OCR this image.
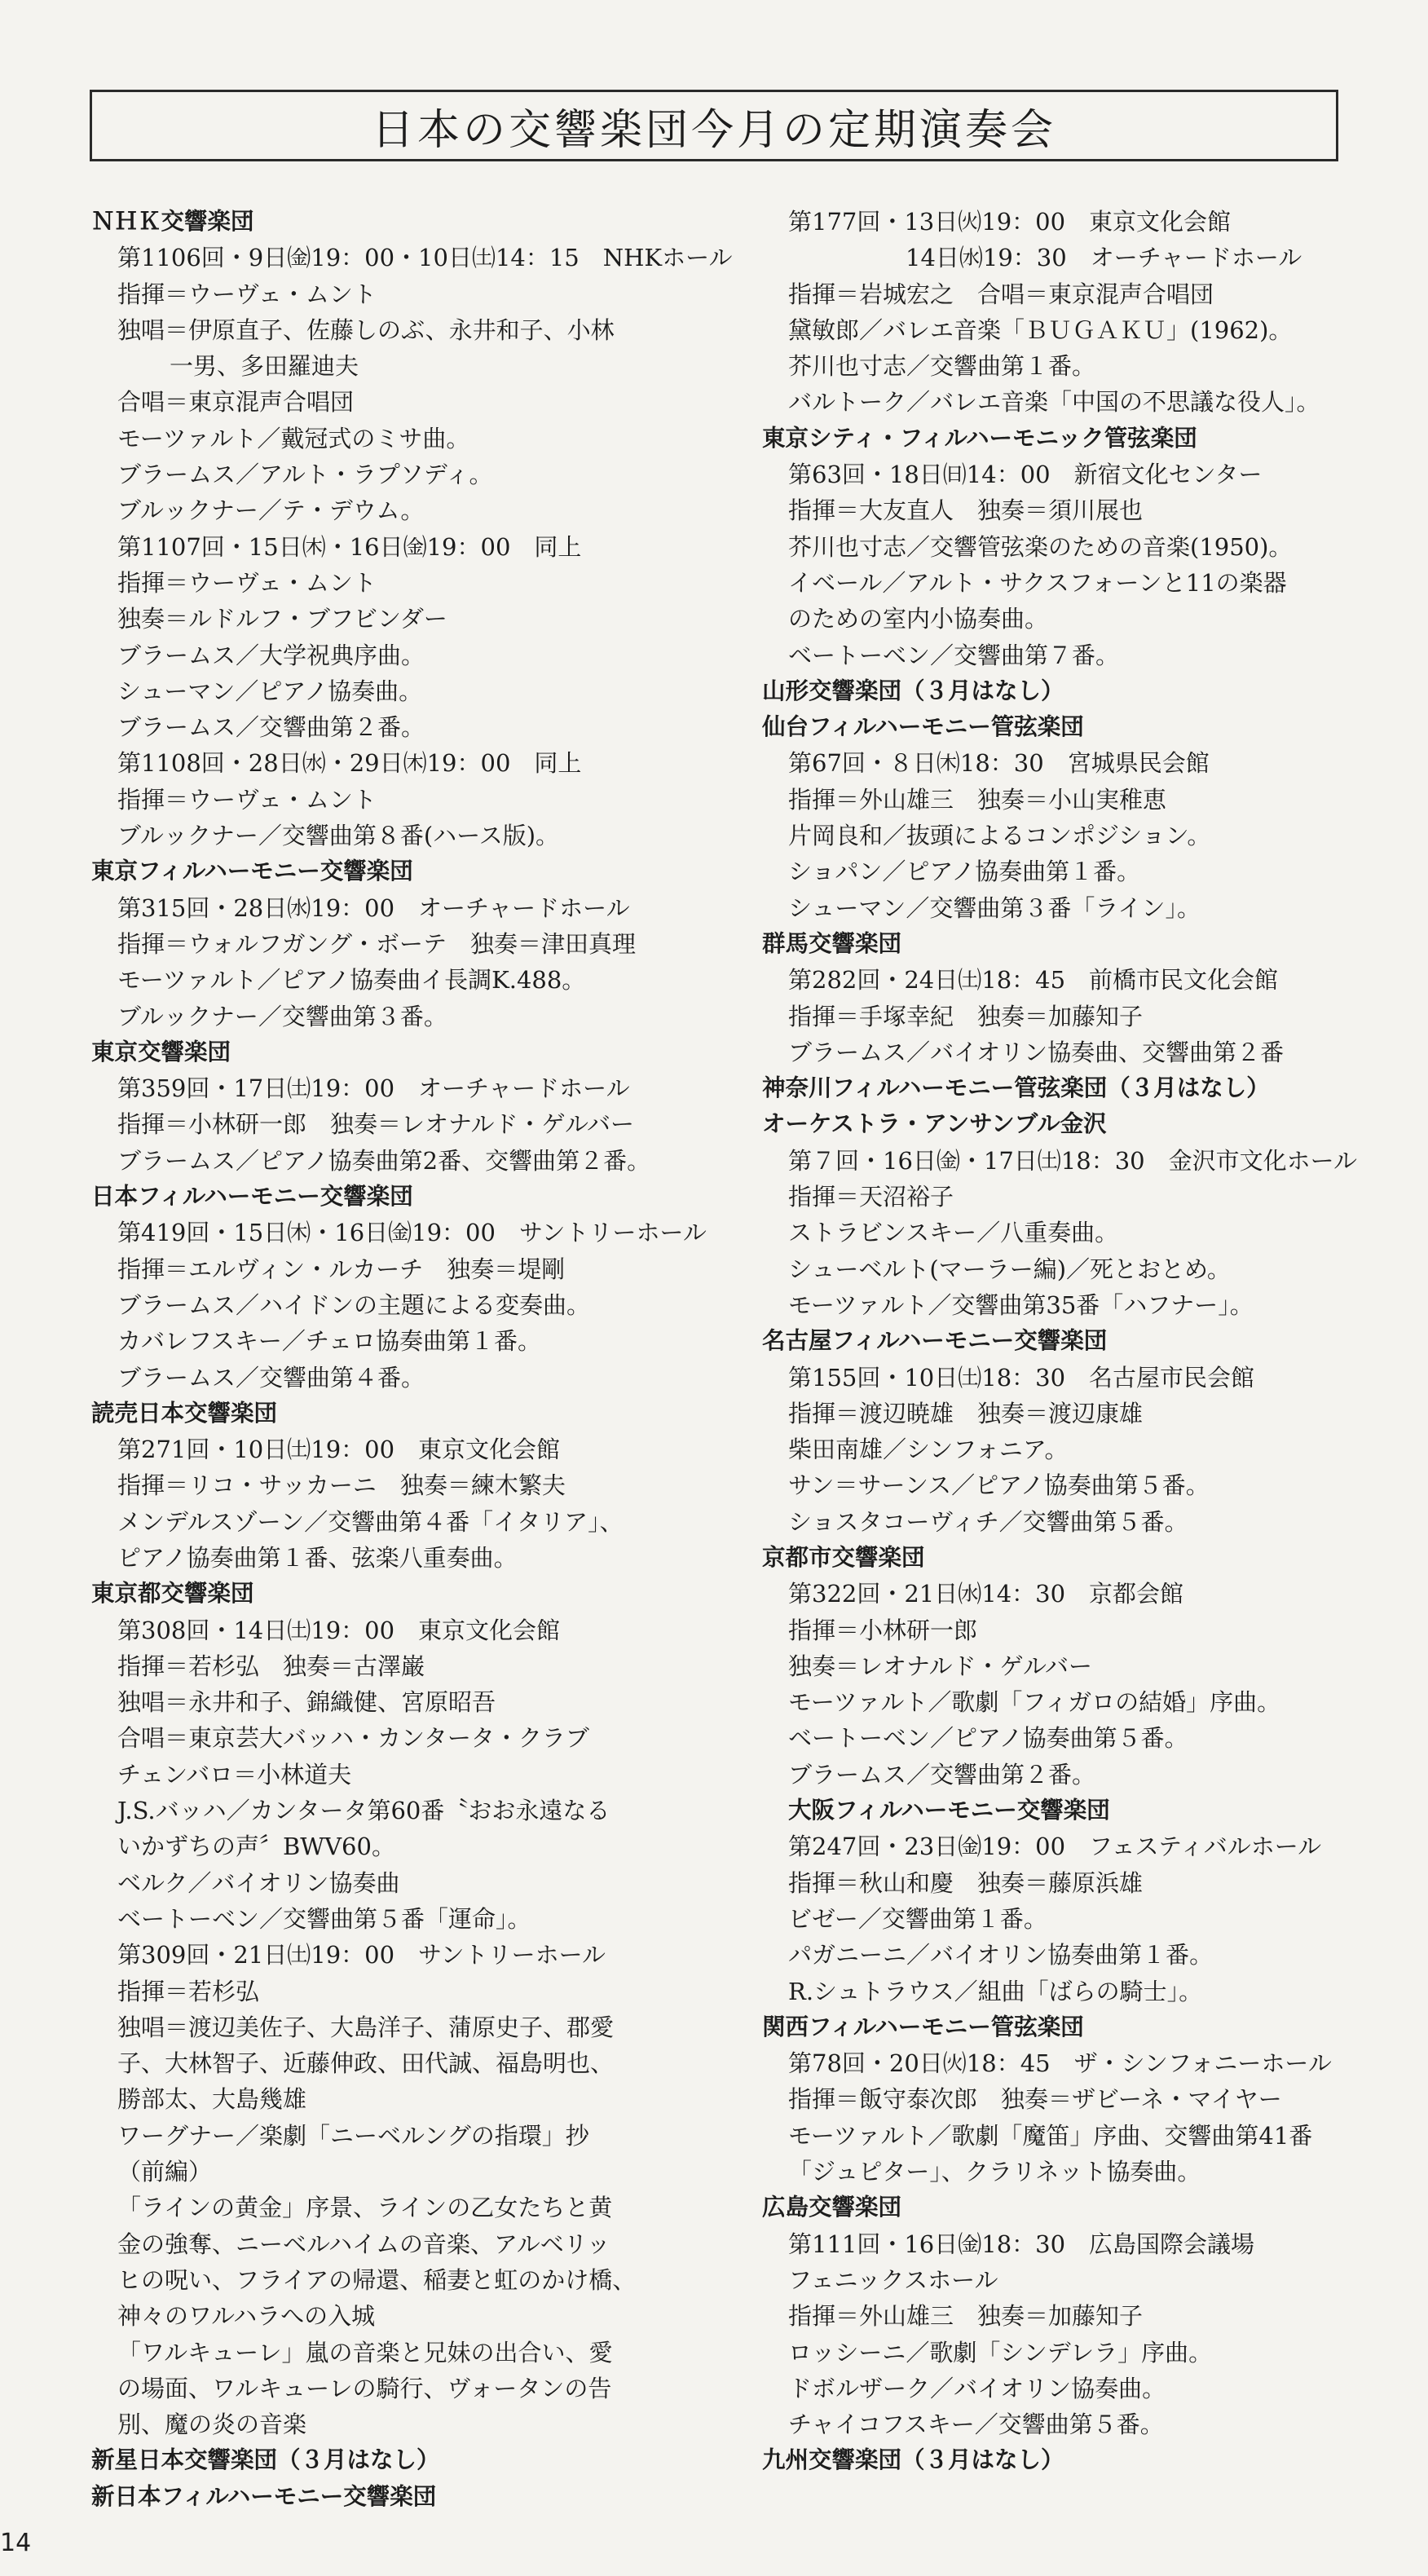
日本の交響楽団今月の定期演奏会
ＮＨＫ交響楽団
第1106回・9日㈮19：00・10日㈯14：15　NHKホール
指揮＝ウーヴェ・ムント
独唱＝伊原直子、佐藤しのぶ、永井和子、小林
一男、多田羅迪夫
合唱＝東京混声合唱団
モーツァルト／戴冠式のミサ曲。
ブラームス／アルト・ラプソディ。
ブルックナー／テ・デウム。
第1107回・15日㈭・16日㈮19：00　同上
指揮＝ウーヴェ・ムント
独奏＝ルドルフ・ブフビンダー
ブラームス／大学祝典序曲。
シューマン／ピアノ協奏曲。
ブラームス／交響曲第２番。
第1108回・28日㈬・29日㈭19：00　同上
指揮＝ウーヴェ・ムント
ブルックナー／交響曲第８番(ハース版)。
東京フィルハーモニー交響楽団
第315回・28日㈬19：00　オーチャードホール
指揮＝ウォルフガング・ボーテ　独奏＝津田真理
モーツァルト／ピアノ協奏曲イ長調K.488。
ブルックナー／交響曲第３番。
東京交響楽団
第359回・17日㈯19：00　オーチャードホール
指揮＝小林研一郎　独奏＝レオナルド・ゲルバー
ブラームス／ピアノ協奏曲第2番、交響曲第２番。
日本フィルハーモニー交響楽団
第419回・15日㈭・16日㈮19：00　サントリーホール
指揮＝エルヴィン・ルカーチ　独奏＝堤剛
ブラームス／ハイドンの主題による変奏曲。
カバレフスキー／チェロ協奏曲第１番。
ブラームス／交響曲第４番。
読売日本交響楽団
第271回・10日㈯19：00　東京文化会館
指揮＝リコ・サッカーニ　独奏＝練木繁夫
メンデルスゾーン／交響曲第４番「イタリア」、
ピアノ協奏曲第１番、弦楽八重奏曲。
東京都交響楽団
第308回・14日㈯19：00　東京文化会館
指揮＝若杉弘　独奏＝古澤巌
独唱＝永井和子、錦織健、宮原昭吾
合唱＝東京芸大バッハ・カンタータ・クラブ
チェンバロ＝小林道夫
J.S.バッハ／カンタータ第60番〝おお永遠なる
いかずちの声〞BWV60。
ベルク／バイオリン協奏曲
ベートーベン／交響曲第５番「運命」。
第309回・21日㈯19：00　サントリーホール
指揮＝若杉弘
独唱＝渡辺美佐子、大島洋子、蒲原史子、郡愛
子、大林智子、近藤伸政、田代誠、福島明也、
勝部太、大島幾雄
ワーグナー／楽劇「ニーベルングの指環」抄
（前編）
「ラインの黄金」序景、ラインの乙女たちと黄
金の強奪、ニーベルハイムの音楽、アルベリッ
ヒの呪い、フライアの帰還、稲妻と虹のかけ橋、
神々のワルハラへの入城
「ワルキューレ」嵐の音楽と兄妹の出合い、愛
の場面、ワルキューレの騎行、ヴォータンの告
別、魔の炎の音楽
新星日本交響楽団（３月はなし）
新日本フィルハーモニー交響楽団
第177回・13日㈫19：00　東京文化会館
14日㈬19：30　オーチャードホール
指揮＝岩城宏之　合唱＝東京混声合唱団
黛敏郎／バレエ音楽「ＢＵＧＡＫＵ」(1962)。
芥川也寸志／交響曲第１番。
バルトーク／バレエ音楽「中国の不思議な役人」。
東京シティ・フィルハーモニック管弦楽団
第63回・18日㈰14：00　新宿文化センター
指揮＝大友直人　独奏＝須川展也
芥川也寸志／交響管弦楽のための音楽(1950)。
イベール／アルト・サクスフォーンと11の楽器
のための室内小協奏曲。
ベートーベン／交響曲第７番。
山形交響楽団（３月はなし）
仙台フィルハーモニー管弦楽団
第67回・８日㈭18：30　宮城県民会館
指揮＝外山雄三　独奏＝小山実稚恵
片岡良和／抜頭によるコンポジション。
ショパン／ピアノ協奏曲第１番。
シューマン／交響曲第３番「ライン」。
群馬交響楽団
第282回・24日㈯18：45　前橋市民文化会館
指揮＝手塚幸紀　独奏＝加藤知子
ブラームス／バイオリン協奏曲、交響曲第２番
神奈川フィルハーモニー管弦楽団（３月はなし）
オーケストラ・アンサンブル金沢
第７回・16日㈮・17日㈯18：30　金沢市文化ホール
指揮＝天沼裕子
ストラビンスキー／八重奏曲。
シューベルト(マーラー編)／死とおとめ。
モーツァルト／交響曲第35番「ハフナー」。
名古屋フィルハーモニー交響楽団
第155回・10日㈯18：30　名古屋市民会館
指揮＝渡辺暁雄　独奏＝渡辺康雄
柴田南雄／シンフォニア。
サン＝サーンス／ピアノ協奏曲第５番。
ショスタコーヴィチ／交響曲第５番。
京都市交響楽団
第322回・21日㈬14：30　京都会館
指揮＝小林研一郎
独奏＝レオナルド・ゲルバー
モーツァルト／歌劇「フィガロの結婚」序曲。
ベートーベン／ピアノ協奏曲第５番。
ブラームス／交響曲第２番。
大阪フィルハーモニー交響楽団
第247回・23日㈮19：00　フェスティバルホール
指揮＝秋山和慶　独奏＝藤原浜雄
ビゼー／交響曲第１番。
パガニーニ／バイオリン協奏曲第１番。
R.シュトラウス／組曲「ばらの騎士」。
関西フィルハーモニー管弦楽団
第78回・20日㈫18：45　ザ・シンフォニーホール
指揮＝飯守泰次郎　独奏＝ザビーネ・マイヤー
モーツァルト／歌劇「魔笛」序曲、交響曲第41番
「ジュピター」、クラリネット協奏曲。
広島交響楽団
第111回・16日㈮18：30　広島国際会議場
フェニックスホール
指揮＝外山雄三　独奏＝加藤知子
ロッシーニ／歌劇「シンデレラ」序曲。
ドボルザーク／バイオリン協奏曲。
チャイコフスキー／交響曲第５番。
九州交響楽団（３月はなし）
14
